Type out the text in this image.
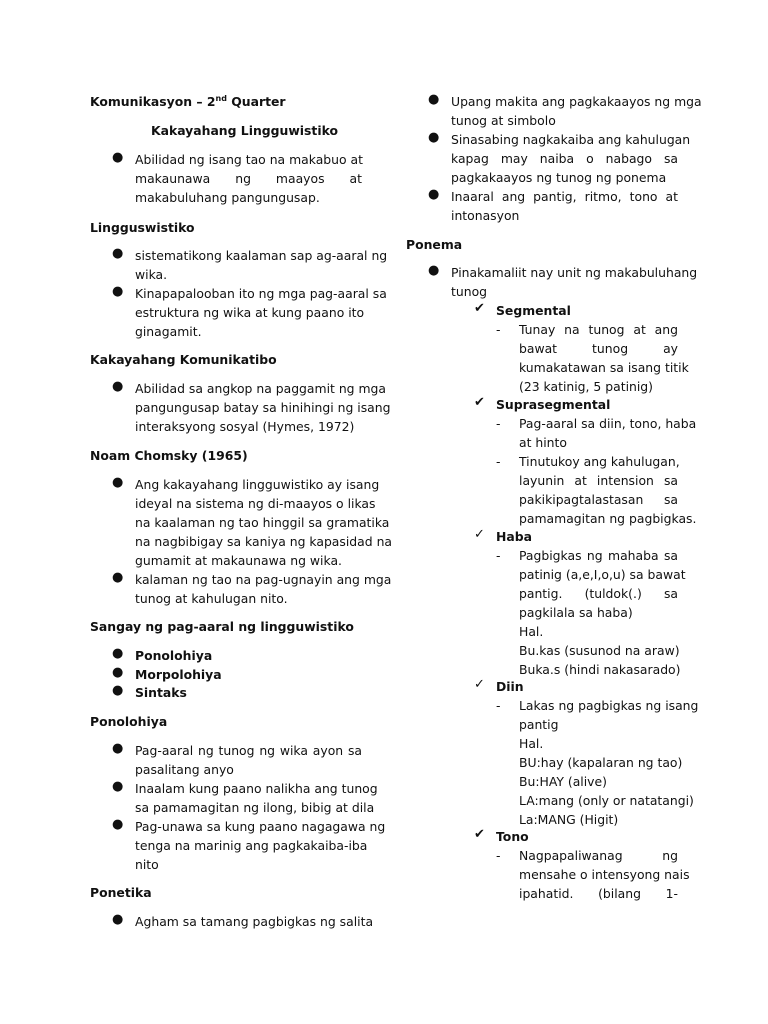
Komunikasyon – 2nd Quarter
Kakayahang Lingguwistiko
● Abilidad ng isang tao na makabuo at
makaunawa ng maayos at
makabuluhang pangungusap.
Lingguswistiko
● sistematikong kaalaman sap ag-aaral ng
wika.
● Kinapapalooban ito ng mga pag-aaral sa
estruktura ng wika at kung paano ito
ginagamit.
Kakayahang Komunikatibo
● Abilidad sa angkop na paggamit ng mga
pangungusap batay sa hinihingi ng isang
interaksyong sosyal (Hymes, 1972)
Noam Chomsky (1965)
● Ang kakayahang lingguwistiko ay isang
ideyal na sistema ng di-maayos o likas
na kaalaman ng tao hinggil sa gramatika
na nagbibigay sa kaniya ng kapasidad na
gumamit at makaunawa ng wika.
● kalaman ng tao na pag-ugnayin ang mga
tunog at kahulugan nito.
Sangay ng pag-aaral ng lingguwistiko
● Ponolohiya
● Morpolohiya
● Sintaks
Ponolohiya
● Pag-aaral ng tunog ng wika ayon sa
pasalitang anyo
● Inaalam kung paano nalikha ang tunog
sa pamamagitan ng ilong, bibig at dila
● Pag-unawa sa kung paano nagagawa ng
tenga na marinig ang pagkakaiba-iba
nito
Ponetika
● Agham sa tamang pagbigkas ng salita
● Upang makita ang pagkakaayos ng mga
tunog at simbolo
● Sinasabing nagkakaiba ang kahulugan
kapag may naiba o nabago sa
pagkakaayos ng tunog ng ponema
● Inaaral ang pantig, ritmo, tono at
intonasyon
Ponema
● Pinakamaliit nay unit ng makabuluhang
tunog
✔ Segmental
- Tunay na tunog at ang
bawat tunog ay
kumakatawan sa isang titik
(23 katinig, 5 patinig)
✔ Suprasegmental
- Pag-aaral sa diin, tono, haba
at hinto
- Tinutukoy ang kahulugan,
layunin at intension sa
pakikipagtalastasan sa
pamamagitan ng pagbigkas.
✓ Haba
- Pagbigkas ng mahaba sa
patinig (a,e,I,o,u) sa bawat
pantig. (tuldok(.) sa
pagkilala sa haba)
Hal.
Bu.kas (susunod na araw)
Buka.s (hindi nakasarado)
✓ Diin
- Lakas ng pagbigkas ng isang
pantig
Hal.
BU:hay (kapalaran ng tao)
Bu:HAY (alive)
LA:mang (only or natatangi)
La:MANG (Higit)
✔ Tono
- Nagpapaliwanag ng
mensahe o intensyong nais
ipahatid. (bilang 1-
